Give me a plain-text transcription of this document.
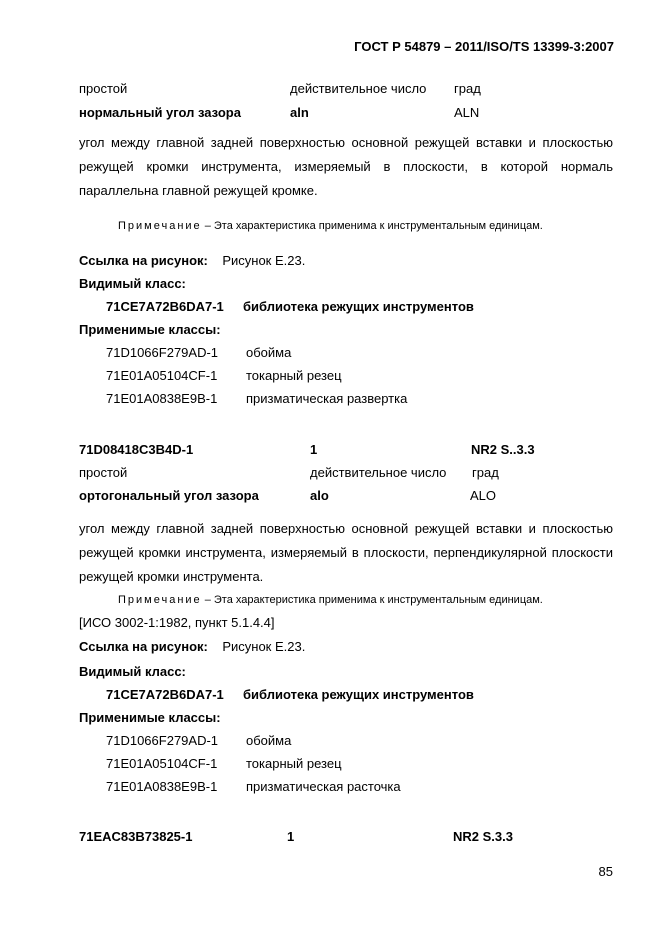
ГОСТ Р 54879 – 2011/ISO/TS 13399-3:2007
простой	действительное число град
нормальный угол зазора	aln	ALN
угол между главной задней поверхностью основной режущей вставки и плоскостью режущей кромки инструмента, измеряемый в плоскости, в которой нормаль параллельна главной режущей кромке.
Примечание – Эта характеристика применима к инструментальным единицам.
Ссылка на рисунок: Рисунок Е.23.
Видимый класс:
71CE7A72B6DA7-1 библиотека режущих инструментов
Применимые классы:
71D1066F279AD-1 обойма
71E01A05104CF-1 токарный резец
71E01A0838E9B-1 призматическая развертка
71D08418C3B4D-1	1	NR2 S..3.3
простой	действительное число град
ортогональный угол зазора	alo	ALO
угол между главной задней поверхностью основной режущей вставки и плоскостью режущей кромки инструмента, измеряемый в плоскости, перпендикулярной плоскости режущей кромки инструмента.
Примечание – Эта характеристика применима к инструментальным единицам.
[ИСО 3002-1:1982, пункт 5.1.4.4]
Ссылка на рисунок: Рисунок Е.23.
Видимый класс:
71CE7A72B6DA7-1 библиотека режущих инструментов
Применимые классы:
71D1066F279AD-1 обойма
71E01A05104CF-1 токарный резец
71E01A0838E9B-1 призматическая расточка
71EAC83B73825-1	1	NR2 S.3.3
85
